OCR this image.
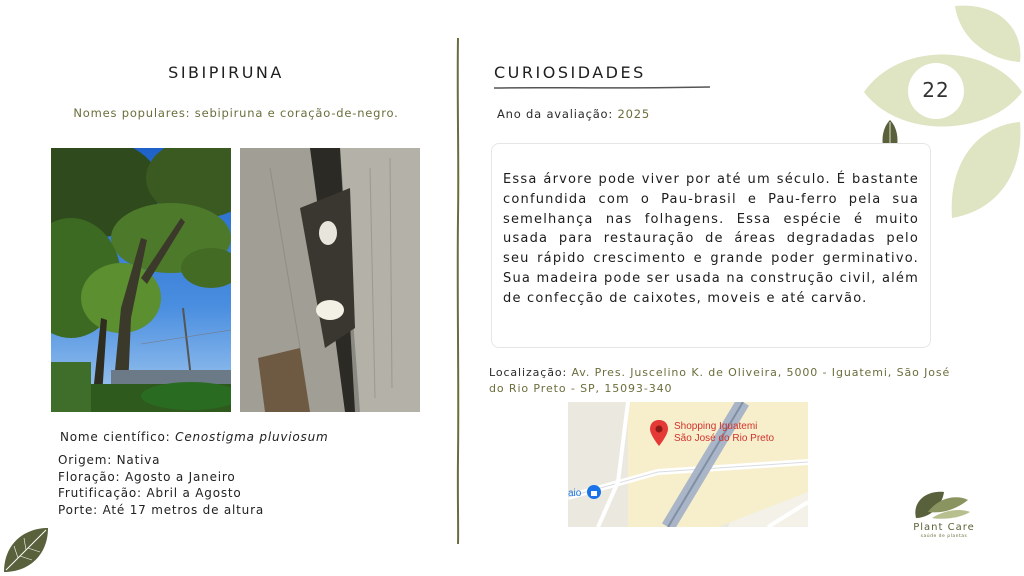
22
SIBIPIRUNA
Nomes populares: sebipiruna e coração-de-negro.
Nome científico: Cenostigma pluviosum
Origem: Nativa
Floração: Agosto a Janeiro
Frutificação: Abril a Agosto
Porte: Até 17 metros de altura
CURIOSIDADES
Ano da avaliação: 2025

Essa árvore pode viver por até um século. É bastante confundida com o Pau-brasil e Pau-ferro pela sua semelhança nas folhagens. Essa espécie é muito usada para restauração de áreas degradadas pelo seu rápido crescimento e grande poder germinativo. Sua madeira pode ser usada na construção civil, além de confecção de caixotes, moveis e até carvão.

Localização: Av. Pres. Juscelino K. de Oliveira, 5000 - Iguatemi, São José
do Rio Preto - SP, 15093-340
Shopping Iguatemi
São José do Rio Preto
aio
Plant Care
saúde de plantas
